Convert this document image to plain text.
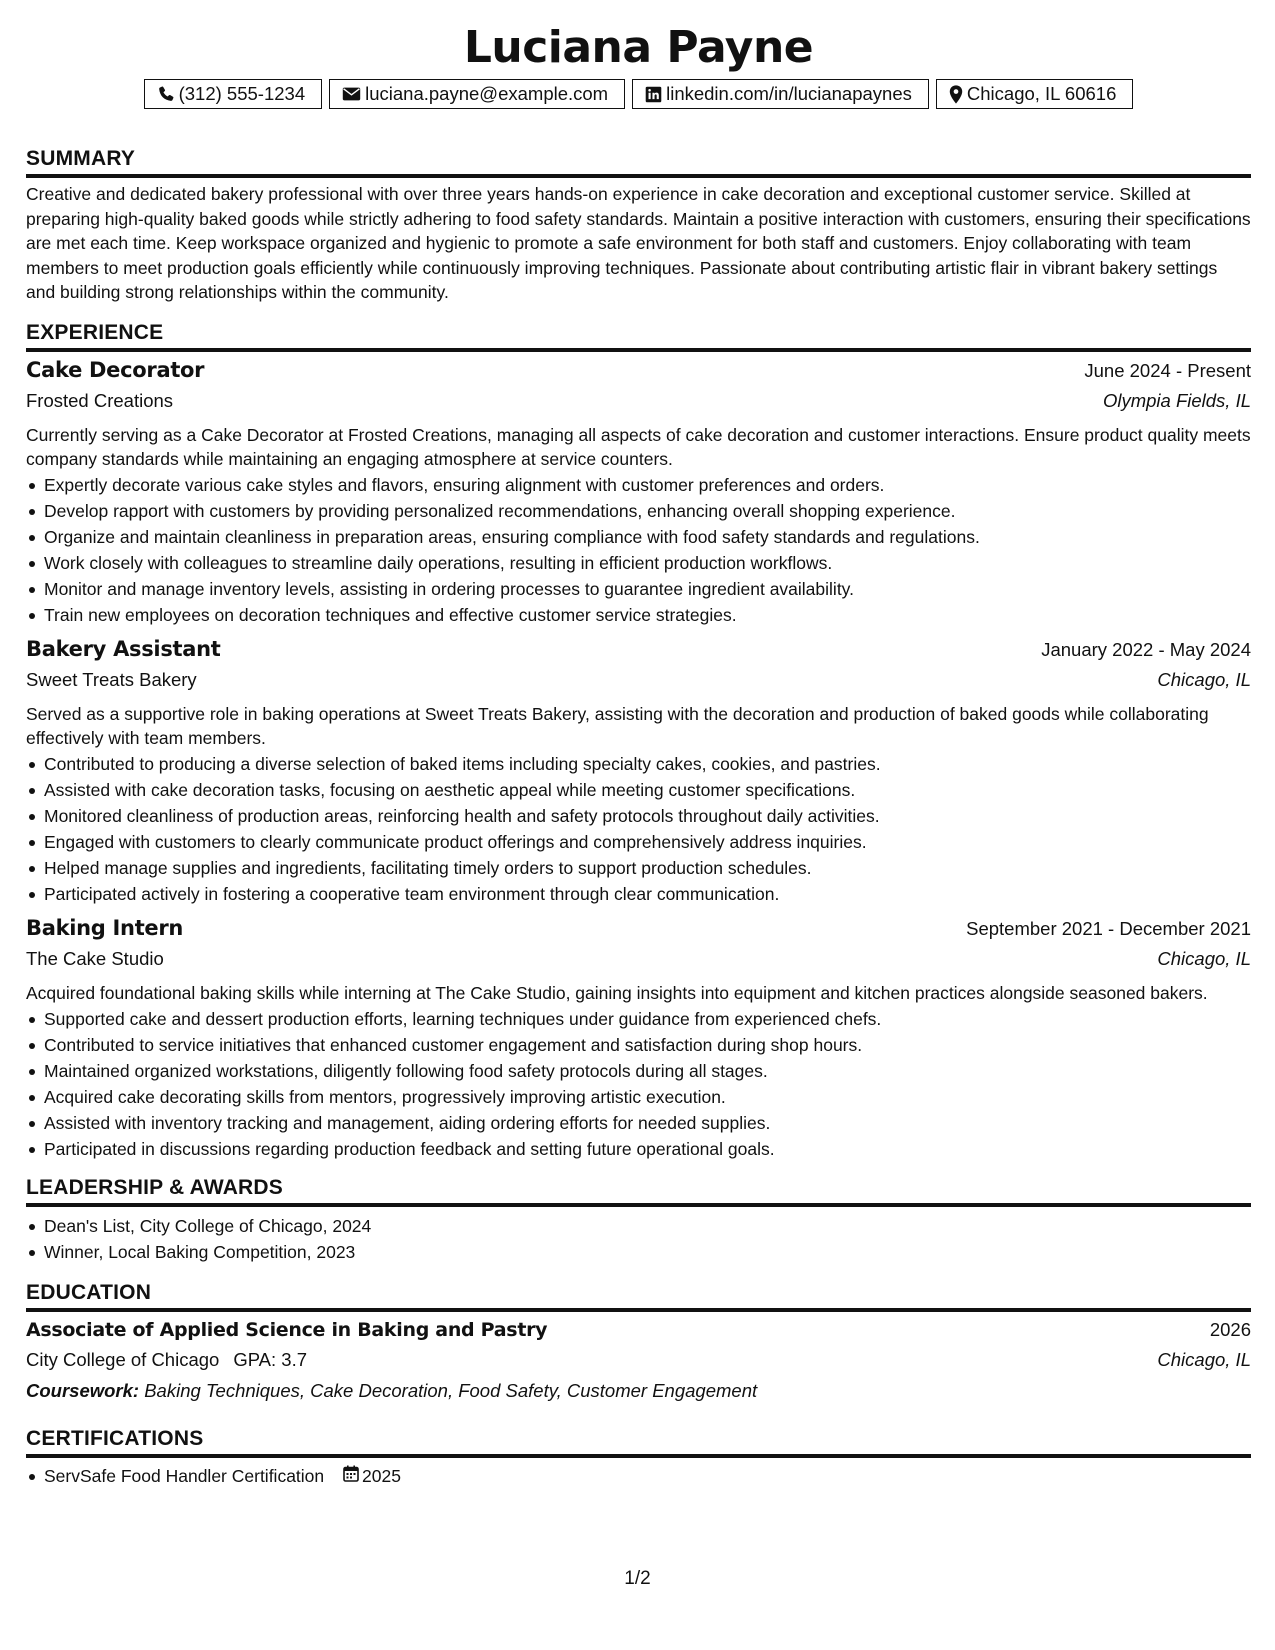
Luciana Payne
(312) 555-1234	luciana.payne@example.com	linkedin.com/in/lucianapaynes	Chicago, IL 60616
SUMMARY

Creative and dedicated bakery professional with over three years hands-on experience in cake decoration and exceptional customer service. Skilled at preparing high-quality baked goods while strictly adhering to food safety standards. Maintain a positive interaction with customers, ensuring their specifications are met each time. Keep workspace organized and hygienic to promote a safe environment for both staff and customers. Enjoy collaborating with team members to meet production goals efficiently while continuously improving techniques. Passionate about contributing artistic flair in vibrant bakery settings and building strong relationships within the community.

EXPERIENCE
Cake Decorator	June 2024 - Present
Frosted Creations	Olympia Fields, IL

Currently serving as a Cake Decorator at Frosted Creations, managing all aspects of cake decoration and customer interactions. Ensure product quality meets company standards while maintaining an engaging atmosphere at service counters.

Expertly decorate various cake styles and flavors, ensuring alignment with customer preferences and orders.
Develop rapport with customers by providing personalized recommendations, enhancing overall shopping experience.
Organize and maintain cleanliness in preparation areas, ensuring compliance with food safety standards and regulations.
Work closely with colleagues to streamline daily operations, resulting in efficient production workflows.
Monitor and manage inventory levels, assisting in ordering processes to guarantee ingredient availability.
Train new employees on decoration techniques and effective customer service strategies.
Bakery Assistant	January 2022 - May 2024
Sweet Treats Bakery	Chicago, IL

Served as a supportive role in baking operations at Sweet Treats Bakery, assisting with the decoration and production of baked goods while collaborating effectively with team members.

Contributed to producing a diverse selection of baked items including specialty cakes, cookies, and pastries.
Assisted with cake decoration tasks, focusing on aesthetic appeal while meeting customer specifications.
Monitored cleanliness of production areas, reinforcing health and safety protocols throughout daily activities.
Engaged with customers to clearly communicate product offerings and comprehensively address inquiries.
Helped manage supplies and ingredients, facilitating timely orders to support production schedules.
Participated actively in fostering a cooperative team environment through clear communication.
Baking Intern	September 2021 - December 2021
The Cake Studio	Chicago, IL

Acquired foundational baking skills while interning at The Cake Studio, gaining insights into equipment and kitchen practices alongside seasoned bakers.

Supported cake and dessert production efforts, learning techniques under guidance from experienced chefs.
Contributed to service initiatives that enhanced customer engagement and satisfaction during shop hours.
Maintained organized workstations, diligently following food safety protocols during all stages.
Acquired cake decorating skills from mentors, progressively improving artistic execution.
Assisted with inventory tracking and management, aiding ordering efforts for needed supplies.
Participated in discussions regarding production feedback and setting future operational goals.
LEADERSHIP & AWARDS
Dean's List, City College of Chicago, 2024
Winner, Local Baking Competition, 2023
EDUCATION
Associate of Applied Science in Baking and Pastry	2026
City College of Chicago GPA: 3.7	Chicago, IL
Coursework: Baking Techniques, Cake Decoration, Food Safety, Customer Engagement
CERTIFICATIONS
ServSafe Food Handler Certification 2025
1/2
